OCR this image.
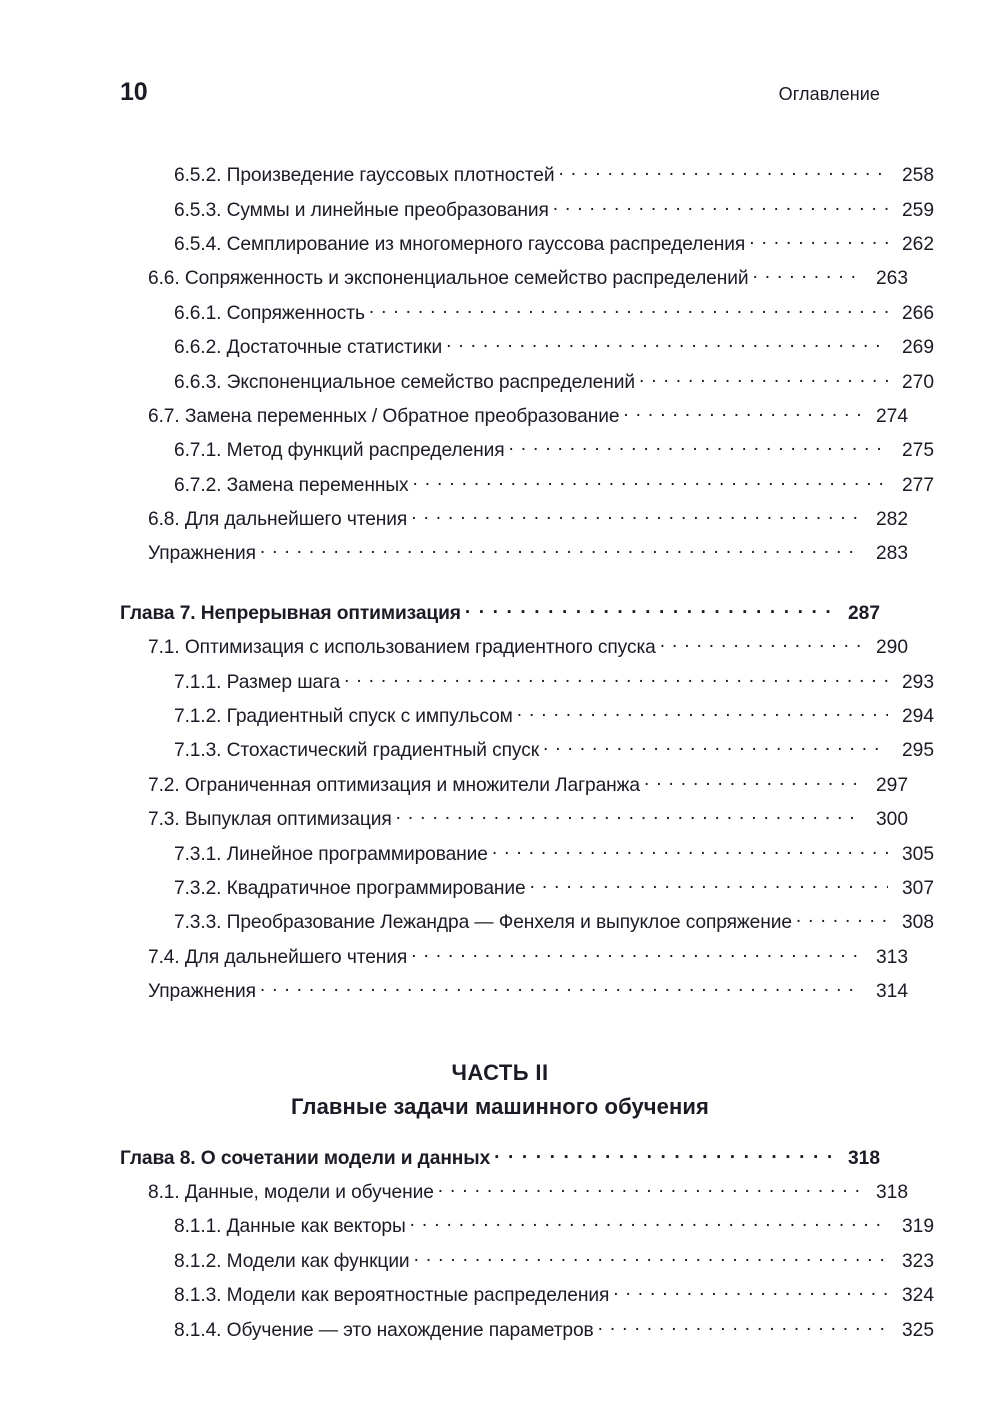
10	Оглавление
6.5.2. Произведение гауссовых плотностей . . .	258
6.5.3. Суммы и линейные преобразования . . .	259
6.5.4. Семплирование из многомерного гауссова распределения . . .	262
6.6. Сопряженность и экспоненциальное семейство распределений . . .	263
6.6.1. Сопряженность . . .	266
6.6.2. Достаточные статистики . . .	269
6.6.3. Экспоненциальное семейство распределений . . .	270
6.7. Замена переменных / Обратное преобразование . . .	274
6.7.1. Метод функций распределения . . .	275
6.7.2. Замена переменных . . .	277
6.8. Для дальнейшего чтения . . .	282
Упражнения . . .	283
Глава 7. Непрерывная оптимизация . . .	287
7.1. Оптимизация с использованием градиентного спуска . . .	290
7.1.1. Размер шага . . .	293
7.1.2. Градиентный спуск с импульсом . . .	294
7.1.3. Стохастический градиентный спуск . . .	295
7.2. Ограниченная оптимизация и множители Лагранжа . . .	297
7.3. Выпуклая оптимизация . . .	300
7.3.1. Линейное программирование . . .	305
7.3.2. Квадратичное программирование . . .	307
7.3.3. Преобразование Лежандра — Фенхеля и выпуклое сопряжение . . .	308
7.4. Для дальнейшего чтения . . .	313
Упражнения . . .	314
ЧАСТЬ II
Главные задачи машинного обучения
Глава 8. О сочетании модели и данных . . .	318
8.1. Данные, модели и обучение . . .	318
8.1.1. Данные как векторы . . .	319
8.1.2. Модели как функции . . .	323
8.1.3. Модели как вероятностные распределения . . .	324
8.1.4. Обучение — это нахождение параметров . . .	325
